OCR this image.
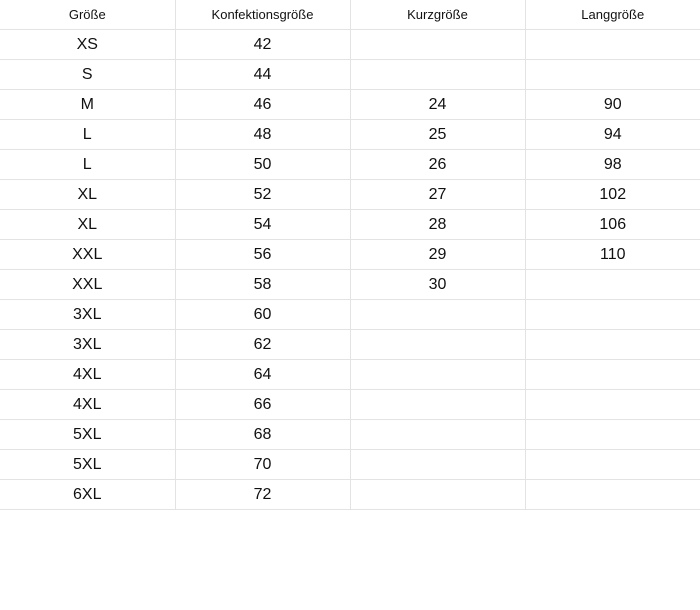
Größe	Konfektionsgröße	Kurzgröße	Langgröße
XS	42		
S	44		
M	46	24	90
L	48	25	94
L	50	26	98
XL	52	27	102
XL	54	28	106
XXL	56	29	110
XXL	58	30	
3XL	60		
3XL	62		
4XL	64		
4XL	66		
5XL	68		
5XL	70		
6XL	72		
